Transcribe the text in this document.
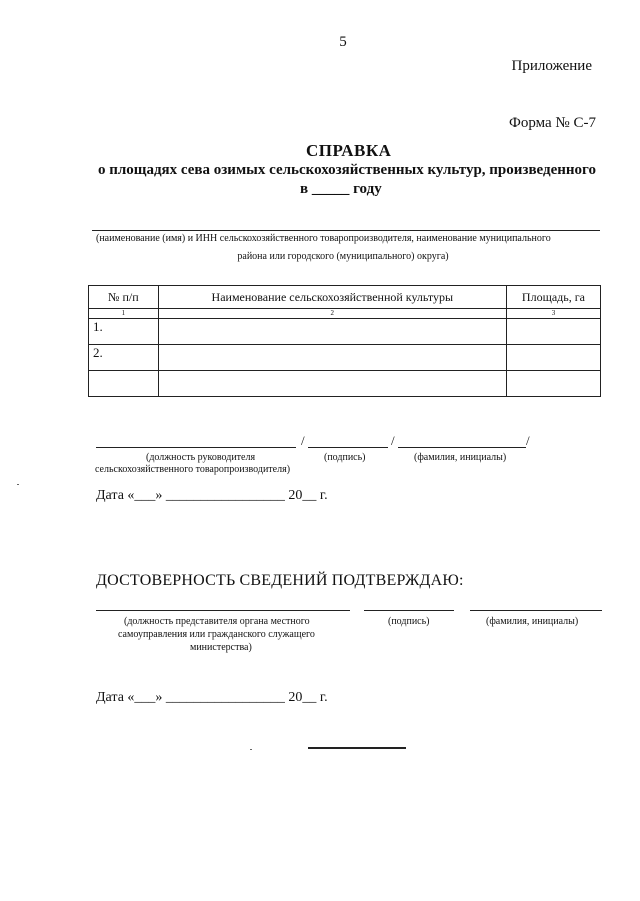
5
Приложение
Форма № С-7
СПРАВКА
о площадях сева озимых сельскохозяйственных культур, произведенного
в _____ году
(наименование (имя) и ИНН сельскохозяйственного товаропроизводителя, наименование муниципального
района или городского (муниципального) округа)
№ п/п	Наименование сельскохозяйственной культуры	Площадь, га
1	2	3
1.		
2.		

/	/	/
(должность руководителя
сельскохозяйственного товаропроизводителя)
(подпись)	(фамилия, инициалы)
Дата «___» _________________ 20__ г.
ДОСТОВЕРНОСТЬ СВЕДЕНИЙ ПОДТВЕРЖДАЮ:
(должность представителя органа местного
самоуправления или гражданского служащего
министерства)
(подпись)	(фамилия, инициалы)
Дата «___» _________________ 20__ г.
